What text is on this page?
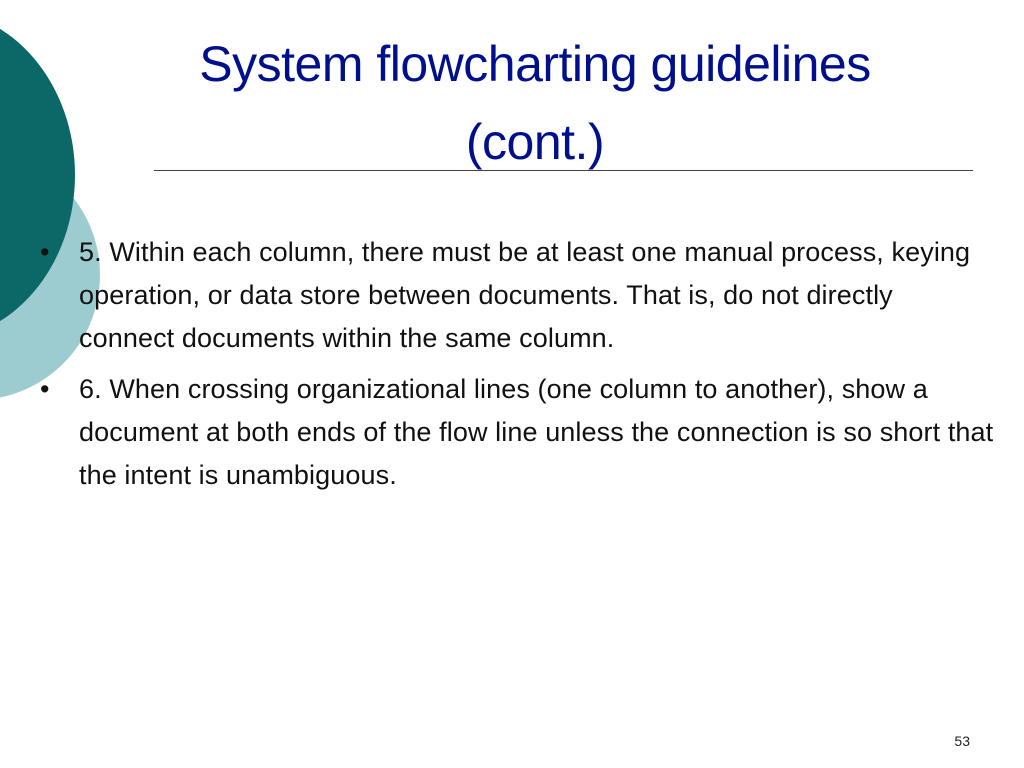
System flowcharting guidelines
(cont.)
•	5. Within each column, there must be at least one manual process, keying operation, or data store between documents. That is, do not directly connect documents within the same column.
•	6. When crossing organizational lines (one column to another), show a document at both ends of the flow line unless the connection is so short that the intent is unambiguous.
53
